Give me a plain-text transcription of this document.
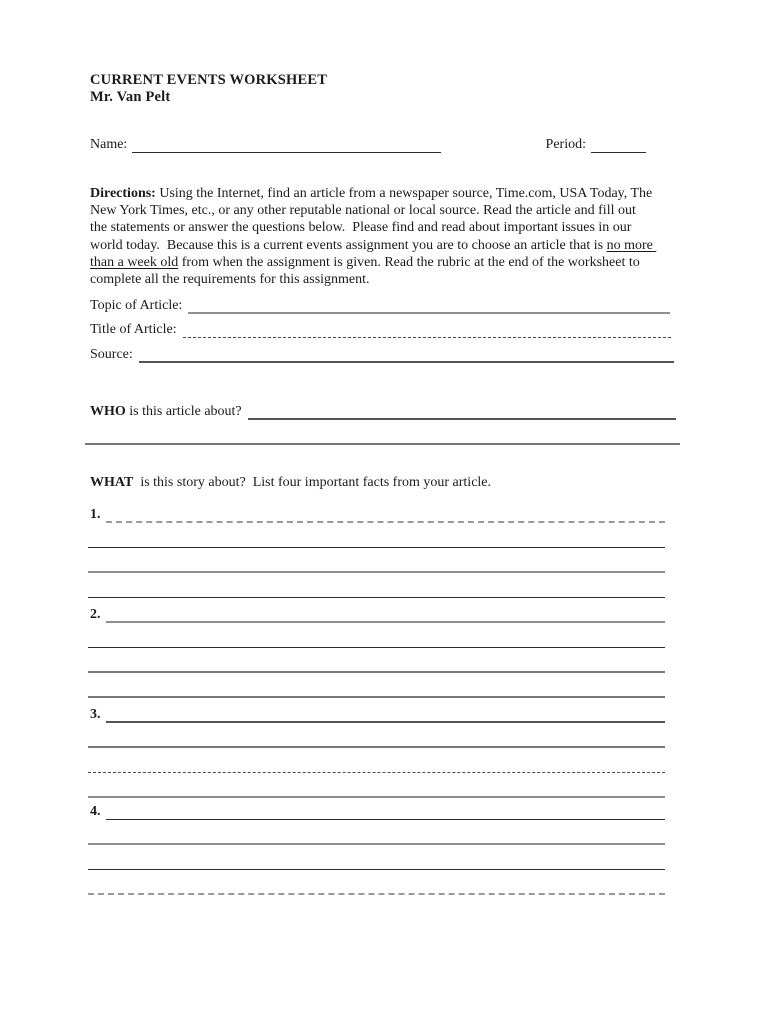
CURRENT EVENTS WORKSHEET
Mr. Van Pelt
Name:	Period:

Directions: Using the Internet, find an article from a newspaper source, Time.com, USA Today, The New York Times, etc., or any other reputable national or local source. Read the article and fill out the statements or answer the questions below.  Please find and read about important issues in our world today.  Because this is a current events assignment you are to choose an article that is no more than a week old from when the assignment is given. Read the rubric at the end of the worksheet to complete all the requirements for this assignment.

Topic of Article:
Title of Article:
Source:
WHO is this article about?
WHAT  is this story about?  List four important facts from your article.
1.
2.
3.
4.
